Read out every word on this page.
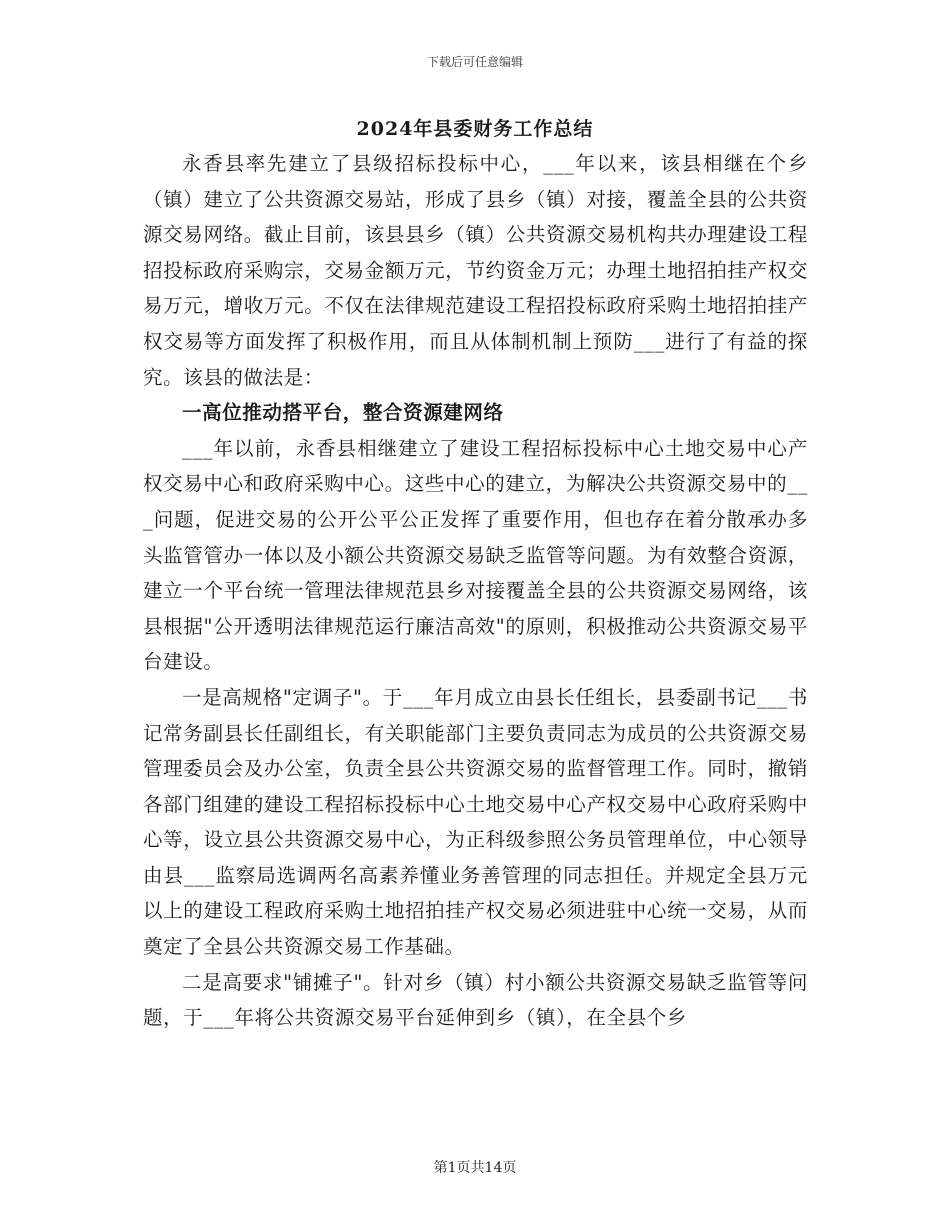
下载后可任意编辑
2024年县委财务工作总结

永香县率先建立了县级招标投标中心，___年以来，该县相继在个乡（镇）建立了公共资源交易站，形成了县乡（镇）对接，覆盖全县的公共资源交易网络。截止目前，该县县乡（镇）公共资源交易机构共办理建设工程招投标政府采购宗，交易金额万元，节约资金万元；办理土地招拍挂产权交易万元，增收万元。不仅在法律规范建设工程招投标政府采购土地招拍挂产权交易等方面发挥了积极作用，而且从体制机制上预防___进行了有益的探究。该县的做法是：

一高位推动搭平台，整合资源建网络

___年以前，永香县相继建立了建设工程招标投标中心土地交易中心产权交易中心和政府采购中心。这些中心的建立，为解决公共资源交易中的___问题，促进交易的公开公平公正发挥了重要作用，但也存在着分散承办多头监管管办一体以及小额公共资源交易缺乏监管等问题。为有效整合资源，建立一个平台统一管理法律规范县乡对接覆盖全县的公共资源交易网络，该县根据"公开透明法律规范运行廉洁高效"的原则，积极推动公共资源交易平台建设。

一是高规格"定调子"。于___年月成立由县长任组长，县委副书记___书记常务副县长任副组长，有关职能部门主要负责同志为成员的公共资源交易管理委员会及办公室，负责全县公共资源交易的监督管理工作。同时，撤销各部门组建的建设工程招标投标中心土地交易中心产权交易中心政府采购中心等，设立县公共资源交易中心，为正科级参照公务员管理单位，中心领导由县___监察局选调两名高素养懂业务善管理的同志担任。并规定全县万元以上的建设工程政府采购土地招拍挂产权交易必须进驻中心统一交易，从而奠定了全县公共资源交易工作基础。

二是高要求"铺摊子"。针对乡（镇）村小额公共资源交易缺乏监管等问题，于___年将公共资源交易平台延伸到乡（镇），在全县个乡

第1页共14页
